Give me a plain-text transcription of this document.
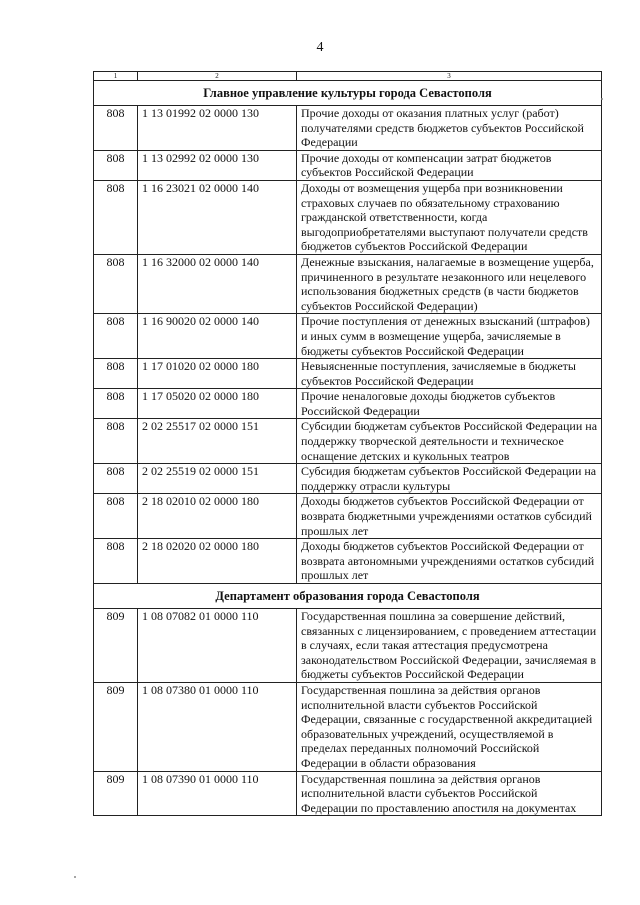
4
1	2	3
Главное управление культуры города Севастополя		
808	1 13 01992 02 0000 130	Прочие доходы от оказания платных услуг (работ) получателями средств бюджетов субъектов Российской Федерации
808	1 13 02992 02 0000 130	Прочие доходы от компенсации затрат бюджетов субъектов Российской Федерации
808	1 16 23021 02 0000 140	Доходы от возмещения ущерба при возникновении страховых случаев по обязательному страхованию гражданской ответственности, когда выгодоприобретателями выступают получатели средств бюджетов субъектов Российской Федерации
808	1 16 32000 02 0000 140	Денежные взыскания, налагаемые в возмещение ущерба, причиненного в результате незаконного или нецелевого использования бюджетных средств (в части бюджетов субъектов Российской Федерации)
808	1 16 90020 02 0000 140	Прочие поступления от денежных взысканий (штрафов) и иных сумм в возмещение ущерба, зачисляемые в бюджеты субъектов Российской Федерации
808	1 17 01020 02 0000 180	Невыясненные поступления, зачисляемые в бюджеты субъектов Российской Федерации
808	1 17 05020 02 0000 180	Прочие неналоговые доходы бюджетов субъектов Российской Федерации
808	2 02 25517 02 0000 151	Субсидии бюджетам субъектов Российской Федерации на поддержку творческой деятельности и техническое оснащение детских и кукольных театров
808	2 02 25519 02 0000 151	Субсидия бюджетам субъектов Российской Федерации на поддержку отрасли культуры
808	2 18 02010 02 0000 180	Доходы бюджетов субъектов Российской Федерации от возврата бюджетными учреждениями остатков субсидий прошлых лет
808	2 18 02020 02 0000 180	Доходы бюджетов субъектов Российской Федерации от возврата автономными учреждениями остатков субсидий прошлых лет
Департамент образования города Севастополя		
809	1 08 07082 01 0000 110	Государственная пошлина за совершение действий, связанных с лицензированием, с проведением аттестации в случаях, если такая аттестация предусмотрена законодательством Российской Федерации, зачисляемая в бюджеты субъектов Российской Федерации
809	1 08 07380 01 0000 110	Государственная пошлина за действия органов исполнительной власти субъектов Российской Федерации, связанные с государственной аккредитацией образовательных учреждений, осуществляемой в пределах переданных полномочий Российской Федерации в области образования
809	1 08 07390 01 0000 110	Государственная пошлина за действия органов исполнительной власти субъектов Российской Федерации по проставлению апостиля на документах
